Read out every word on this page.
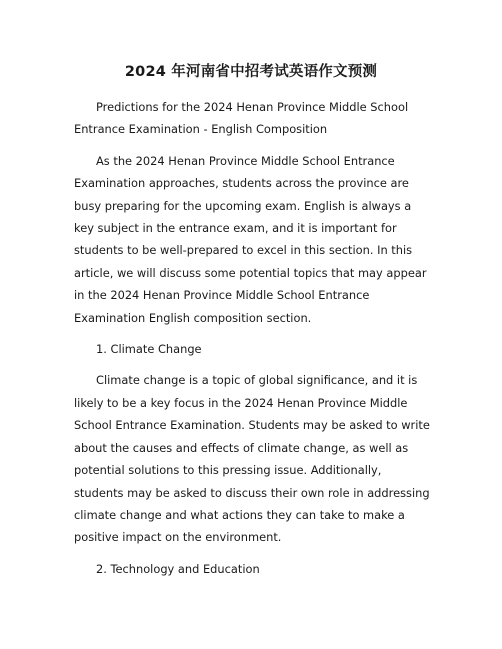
2024 年河南省中招考试英语作文预测

Predictions for the 2024 Henan Province Middle School Entrance Examination - English Composition

As the 2024 Henan Province Middle School Entrance Examination approaches, students across the province are busy preparing for the upcoming exam. English is always a key subject in the entrance exam, and it is important for students to be well-prepared to excel in this section. In this article, we will discuss some potential topics that may appear in the 2024 Henan Province Middle School Entrance Examination English composition section.

1. Climate Change

Climate change is a topic of global significance, and it is likely to be a key focus in the 2024 Henan Province Middle School Entrance Examination. Students may be asked to write about the causes and effects of climate change, as well as potential solutions to this pressing issue. Additionally, students may be asked to discuss their own role in addressing climate change and what actions they can take to make a positive impact on the environment.

2. Technology and Education
